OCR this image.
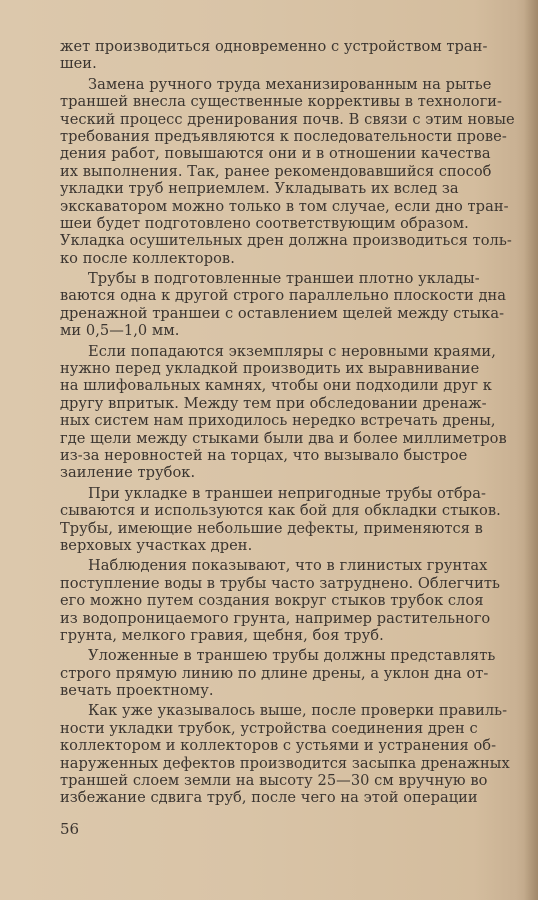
жет производиться одновременно с устройством тран-
шеи.
Замена ручного труда механизированным на рытье
траншей внесла существенные коррективы в технологи-
ческий процесс дренирования почв. В связи с этим новые
требования предъявляются к последовательности прове-
дения работ, повышаются они и в отношении качества
их выполнения. Так, ранее рекомендовавшийся способ
укладки труб неприемлем. Укладывать их вслед за
экскаватором можно только в том случае, если дно тран-
шеи будет подготовлено соответствующим образом.
Укладка осушительных дрен должна производиться толь-
ко после коллекторов.
Трубы в подготовленные траншеи плотно уклады-
ваются одна к другой строго параллельно плоскости дна
дренажной траншеи с оставлением щелей между стыка-
ми 0,5—1,0 мм.
Если попадаются экземпляры с неровными краями,
нужно перед укладкой производить их выравнивание
на шлифовальных камнях, чтобы они подходили друг к
другу впритык. Между тем при обследовании дренаж-
ных систем нам приходилось нередко встречать дрены,
где щели между стыками были два и более миллиметров
из-за неровностей на торцах, что вызывало быстрое
заиление трубок.
При укладке в траншеи непригодные трубы отбра-
сываются и используются как бой для обкладки стыков.
Трубы, имеющие небольшие дефекты, применяются в
верховых участках дрен.
Наблюдения показывают, что в глинистых грунтах
поступление воды в трубы часто затруднено. Облегчить
его можно путем создания вокруг стыков трубок слоя
из водопроницаемого грунта, например растительного
грунта, мелкого гравия, щебня, боя труб.
Уложенные в траншею трубы должны представлять
строго прямую линию по длине дрены, а уклон дна от-
вечать проектному.
Как уже указывалось выше, после проверки правиль-
ности укладки трубок, устройства соединения дрен с
коллектором и коллекторов с устьями и устранения об-
наруженных дефектов производится засыпка дренажных
траншей слоем земли на высоту 25—30 см вручную во
избежание сдвига труб, после чего на этой операции
56
